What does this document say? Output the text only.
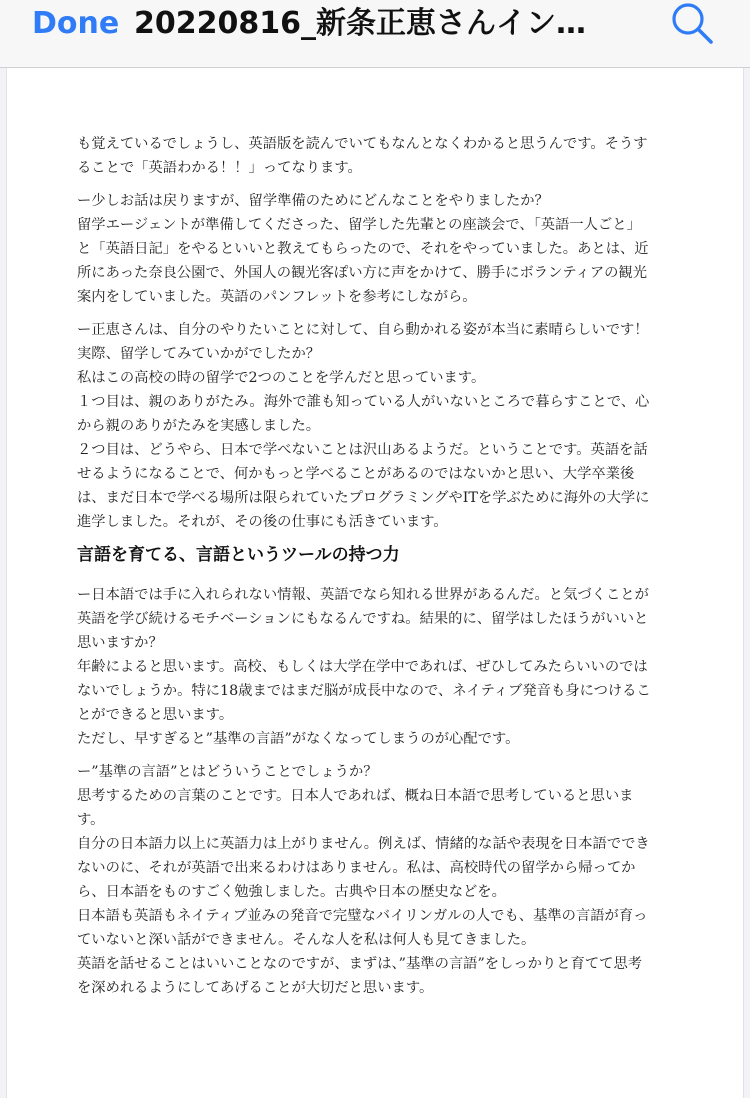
Done 20220816_新条正恵さんイン…

も覚えているでしょうし、英語版を読んでいてもなんとなくわかると思うんです。そうす

ることで「英語わかる！！」ってなります。

ー少しお話は戻りますが、留学準備のためにどんなことをやりましたか？

留学エージェントが準備してくださった、留学した先輩との座談会で、「英語一人ごと」

と「英語日記」をやるといいと教えてもらったので、それをやっていました。あとは、近

所にあった奈良公園で、外国人の観光客ぽい方に声をかけて、勝手にボランティアの観光

案内をしていました。英語のパンフレットを参考にしながら。

ー正恵さんは、自分のやりたいことに対して、自ら動かれる姿が本当に素晴らしいです！

実際、留学してみていかがでしたか？

私はこの高校の時の留学で2つのことを学んだと思っています。

１つ目は、親のありがたみ。海外で誰も知っている人がいないところで暮らすことで、心

から親のありがたみを実感しました。

２つ目は、どうやら、日本で学べないことは沢山あるようだ。ということです。英語を話

せるようになることで、何かもっと学べることがあるのではないかと思い、大学卒業後

は、まだ日本で学べる場所は限られていたプログラミングやITを学ぶために海外の大学に

進学しました。それが、その後の仕事にも活きています。

言語を育てる、言語というツールの持つ力

ー日本語では手に入れられない情報、英語でなら知れる世界があるんだ。と気づくことが

英語を学び続けるモチベーションにもなるんですね。結果的に、留学はしたほうがいいと

思いますか？

年齢によると思います。高校、もしくは大学在学中であれば、ぜひしてみたらいいのでは

ないでしょうか。特に18歳まではまだ脳が成長中なので、ネイティブ発音も身につけるこ

とができると思います。

ただし、早すぎると”基準の言語”がなくなってしまうのが心配です。

ー”基準の言語”とはどういうことでしょうか？

思考するための言葉のことです。日本人であれば、概ね日本語で思考していると思いま

す。

自分の日本語力以上に英語力は上がりません。例えば、情緒的な話や表現を日本語ででき

ないのに、それが英語で出来るわけはありません。私は、高校時代の留学から帰ってか

ら、日本語をものすごく勉強しました。古典や日本の歴史などを。

日本語も英語もネイティブ並みの発音で完璧なバイリンガルの人でも、基準の言語が育っ

ていないと深い話ができません。そんな人を私は何人も見てきました。

英語を話せることはいいことなのですが、まずは、”基準の言語”をしっかりと育てて思考

を深めれるようにしてあげることが大切だと思います。
